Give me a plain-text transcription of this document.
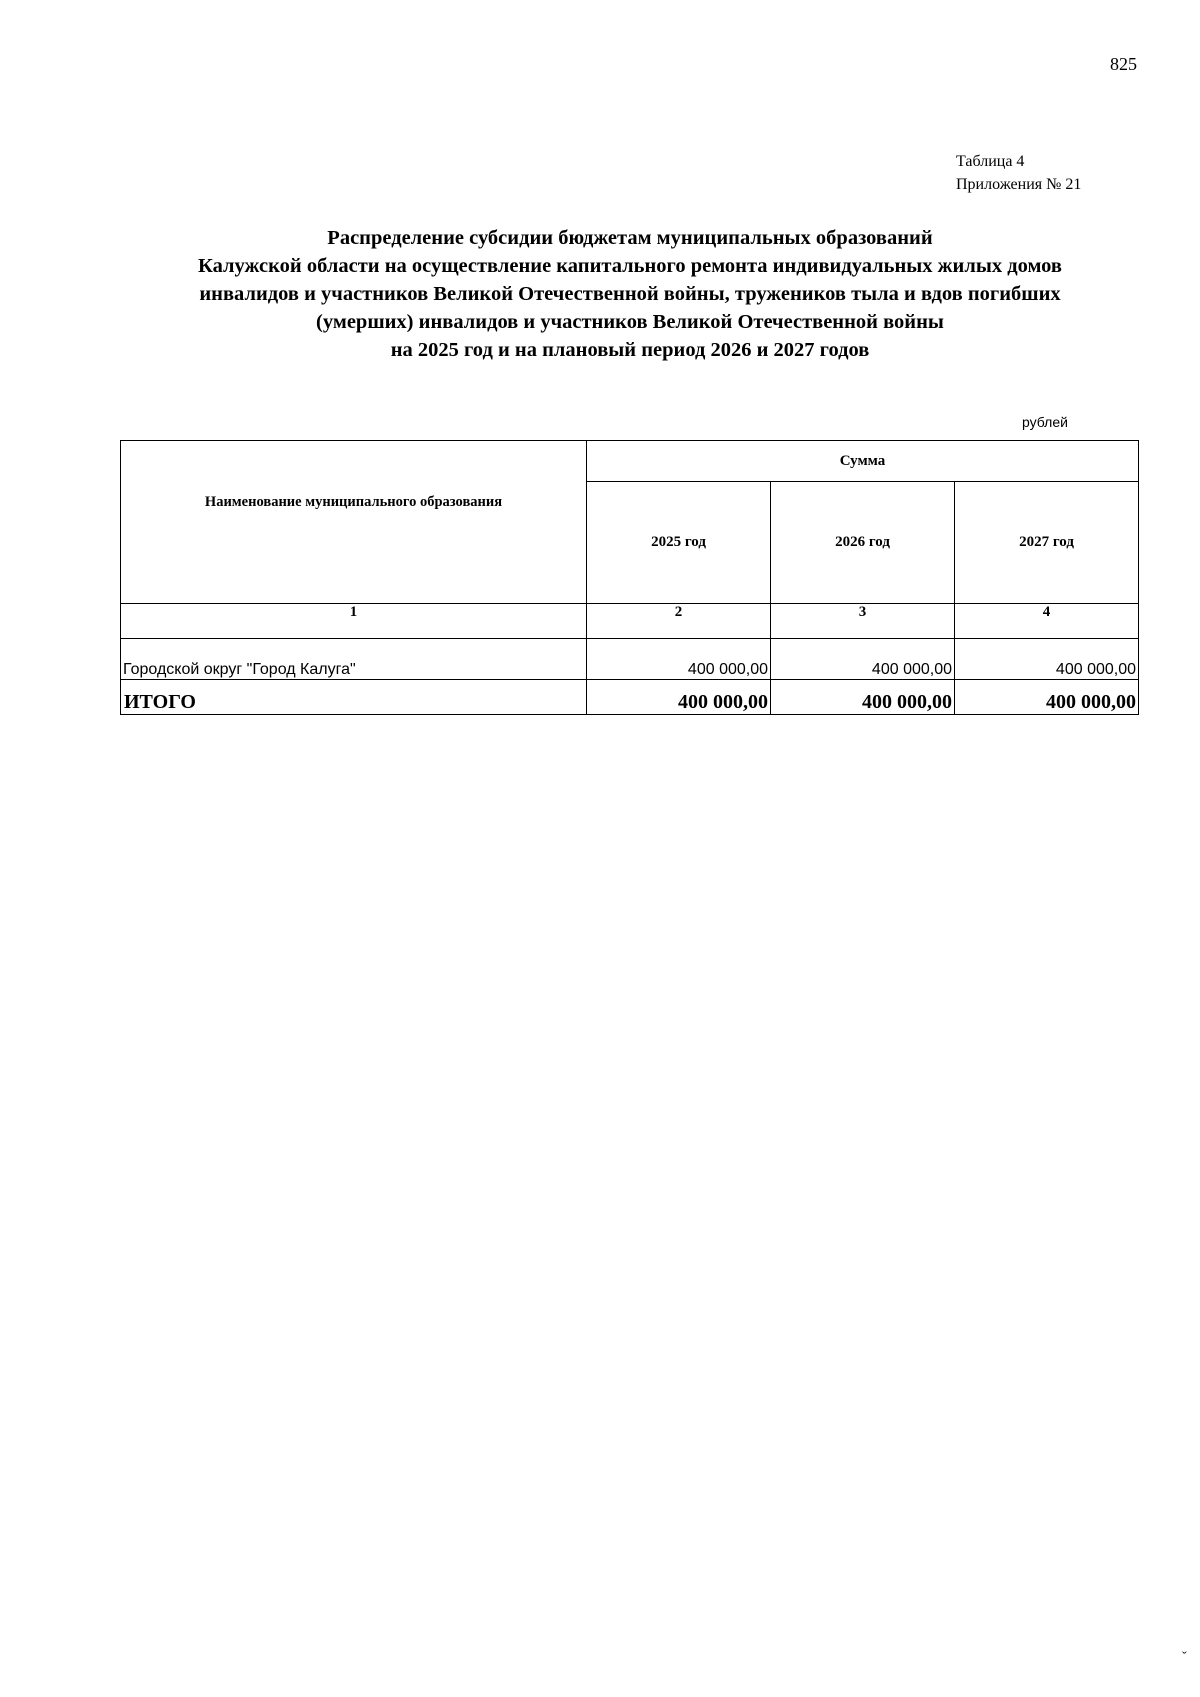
825
Таблица 4
Приложения № 21
Распределение субсидии бюджетам муниципальных образований
Калужской области на осуществление капитального ремонта индивидуальных жилых домов
инвалидов и участников Великой Отечественной войны, тружеников тыла и вдов погибших
(умерших) инвалидов и участников Великой Отечественной войны
на 2025 год и на плановый период 2026 и 2027 годов
рублей
Наименование муниципального образования	Сумма		
	2025 год	2026 год	2027 год
1	2	3	4
Городской округ "Город Калуга"	400 000,00	400 000,00	400 000,00
ИТОГО	400 000,00	400 000,00	400 000,00
ˇ
